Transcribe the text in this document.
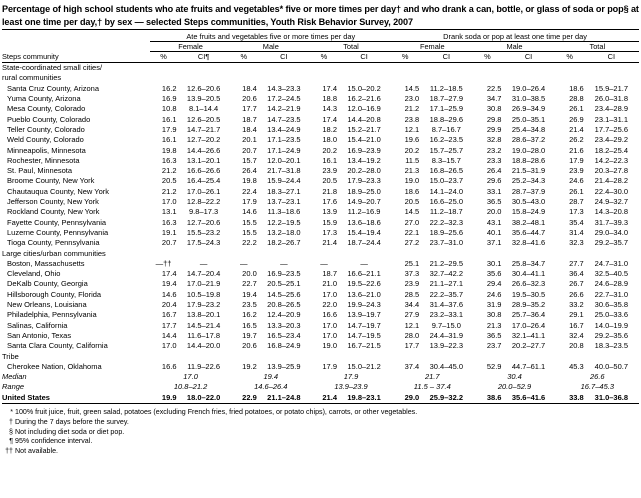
Percentage of high school students who ate fruits and vegetables* five or more times per day† and who drank a can, bottle, or glass of soda or pop§ at least one time per day,† by sex — selected Steps communities, Youth Risk Behavior Survey, 2007

	Ate fruits and vegetables five or more times per day						Drank soda or pop at least one time per day					
	Female		Male		Total		Female		Male		Total	
Steps community	%	CI¶	%	CI	%	CI	%	CI	%	CI	%	CI

State-coordinated small cities/												
rural communities												
Santa Cruz County, Arizona	16.2	12.6–20.6	18.4	14.3–23.3	17.4	15.0–20.2	14.5	11.2–18.5	22.5	19.0–26.4	18.6	15.9–21.7
Yuma County, Arizona	16.9	13.9–20.5	20.6	17.2–24.5	18.8	16.2–21.6	23.0	18.7–27.9	34.7	31.0–38.5	28.8	26.0–31.8
Mesa County, Colorado	10.8	8.1–14.4	17.7	14.2–21.9	14.3	12.0–16.9	21.2	17.1–25.9	30.8	26.9–34.9	26.1	23.4–28.9
Pueblo County, Colorado	16.1	12.6–20.5	18.7	14.7–23.5	17.4	14.4–20.8	23.8	18.8–29.6	29.8	25.0–35.1	26.9	23.1–31.1
Teller County, Colorado	17.9	14.7–21.7	18.4	13.4–24.9	18.2	15.2–21.7	12.1	8.7–16.7	29.9	25.4–34.8	21.4	17.7–25.6
Weld County, Colorado	16.1	12.7–20.2	20.1	17.1–23.5	18.0	15.4–21.0	19.6	16.2–23.5	32.8	28.6–37.2	26.2	23.4–29.2
Minneapolis, Minnesota	19.8	14.4–26.6	20.7	17.1–24.9	20.2	16.9–23.9	20.2	15.7–25.7	23.2	19.0–28.0	21.6	18.2–25.4
Rochester, Minnesota	16.3	13.1–20.1	15.7	12.0–20.1	16.1	13.4–19.2	11.5	8.3–15.7	23.3	18.8–28.6	17.9	14.2–22.3
St. Paul, Minnesota	21.2	16.6–26.6	26.4	21.7–31.8	23.9	20.2–28.0	21.3	16.8–26.5	26.4	21.5–31.9	23.9	20.3–27.8
Broome County, New York	20.5	16.4–25.4	19.8	15.9–24.4	20.5	17.9–23.3	19.0	15.0–23.7	29.6	25.2–34.3	24.6	21.4–28.2
Chautauqua County, New York	21.2	17.0–26.1	22.4	18.3–27.1	21.8	18.9–25.0	18.6	14.1–24.0	33.1	28.7–37.9	26.1	22.4–30.0
Jefferson County, New York	17.0	12.8–22.2	17.9	13.7–23.1	17.6	14.9–20.7	20.5	16.6–25.0	36.5	30.5–43.0	28.7	24.9–32.7
Rockland County, New York	13.1	9.8–17.3	14.6	11.3–18.6	13.9	11.2–16.9	14.5	11.2–18.7	20.0	15.8–24.9	17.3	14.3–20.8
Fayette County, Pennsylvania	16.3	12.7–20.6	15.5	12.2–19.5	15.9	13.6–18.6	27.0	22.2–32.3	43.1	38.2–48.1	35.4	31.7–39.3
Luzerne County, Pennsylvania	19.1	15.5–23.2	15.5	13.2–18.0	17.3	15.4–19.4	22.1	18.9–25.6	40.1	35.6–44.7	31.4	29.0–34.0
Tioga County, Pennsylvania	20.7	17.5–24.3	22.2	18.2–26.7	21.4	18.7–24.4	27.2	23.7–31.0	37.1	32.8–41.6	32.3	29.2–35.7
Large cities/urban communities												
Boston, Massachusetts	—††	—	—	—	—	—	25.1	21.2–29.5	30.1	25.8–34.7	27.7	24.7–31.0
Cleveland, Ohio	17.4	14.7–20.4	20.0	16.9–23.5	18.7	16.6–21.1	37.3	32.7–42.2	35.6	30.4–41.1	36.4	32.5–40.5
DeKalb County, Georgia	19.4	17.0–21.9	22.7	20.5–25.1	21.0	19.5–22.6	23.9	21.1–27.1	29.4	26.6–32.3	26.7	24.6–28.9
Hillsborough County, Florida	14.6	10.5–19.8	19.4	14.5–25.6	17.0	13.6–21.0	28.5	22.2–35.7	24.6	19.5–30.5	26.6	22.7–31.0
New Orleans, Louisiana	20.4	17.9–23.2	23.5	20.8–26.5	22.0	19.9–24.3	34.4	31.4–37.6	31.9	28.9–35.2	33.2	30.6–35.8
Philadelphia, Pennsylvania	16.7	13.8–20.1	16.2	12.4–20.9	16.6	13.9–19.7	27.9	23.2–33.1	30.8	25.7–36.4	29.1	25.0–33.6
Salinas, California	17.7	14.5–21.4	16.5	13.3–20.3	17.0	14.7–19.7	12.1	9.7–15.0	21.3	17.0–26.4	16.7	14.0–19.9
San Antonio, Texas	14.4	11.6–17.8	19.7	16.5–23.4	17.0	14.7–19.5	28.0	24.4–31.9	36.5	32.1–41.1	32.4	29.2–35.6
Santa Clara County, California	17.0	14.4–20.0	20.6	16.8–24.9	19.0	16.7–21.5	17.7	13.9–22.3	23.7	20.2–27.7	20.8	18.3–23.5
Tribe												
Cherokee Nation, Oklahoma	16.6	11.9–22.6	19.2	13.9–25.9	17.9	15.0–21.2	37.4	30.4–45.0	52.9	44.7–61.1	45.3	40.0–50.7
Median	17.0		19.4		17.9		21.7		30.4		26.6	
Range	10.8–21.2		14.6–26.4		13.9–23.9		11.5 – 37.4		20.0–52.9		16.7–45.3	
United States	19.9	18.0–22.0	22.9	21.1–24.8	21.4	19.8–23.1	29.0	25.9–32.2	38.6	35.6–41.6	33.8	31.0–36.8

* 100% fruit juice, fruit, green salad, potatoes (excluding French fries, fried potatoes, or potato chips), carrots, or other vegetables.
† During the 7 days before the survey.
§ Not including diet soda or diet pop.
¶ 95% confidence interval.
†† Not available.
